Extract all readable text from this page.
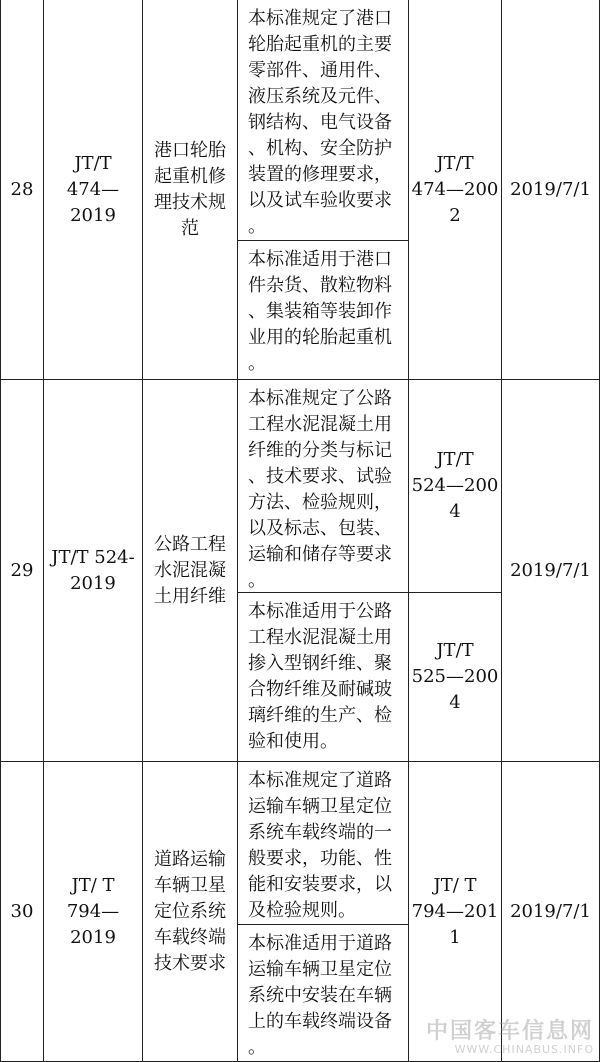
28
JT/T
474—2019
港口轮胎
起重机修
理技术规
范
本标准规定了港口
轮胎起重机的主要
零部件、通用件、
液压系统及元件、
钢结构、电气设备
、机构、安全防护
装置的修理要求，
以及试车验收要求
。
本标准适用于港口
件杂货、散粒物料
、集装箱等装卸作
业用的轮胎起重机
。
JT/T
474—200
2
2019/7/1
29
JT/T 524-
2019
公路工程
水泥混凝
土用纤维
本标准规定了公路
工程水泥混凝土用
纤维的分类与标记
、技术要求、试验
方法、检验规则，
以及标志、包装、
运输和储存等要求
。
本标准适用于公路
工程水泥混凝土用
掺入型钢纤维、聚
合物纤维及耐碱玻
璃纤维的生产、检
验和使用。
JT/T
524—200
4
JT/T
525—200
4
2019/7/1
30
JT/ T
794—2019
道路运输
车辆卫星
定位系统
车载终端
技术要求
本标准规定了道路
运输车辆卫星定位
系统车载终端的一
般要求，功能、性
能和安装要求，以
及检验规则。
本标准适用于道路
运输车辆卫星定位
系统中安装在车辆
上的车载终端设备
。
JT/ T
794—201
1
2019/7/1
中国客车信息网
WWW.CHINABUS.INFO
